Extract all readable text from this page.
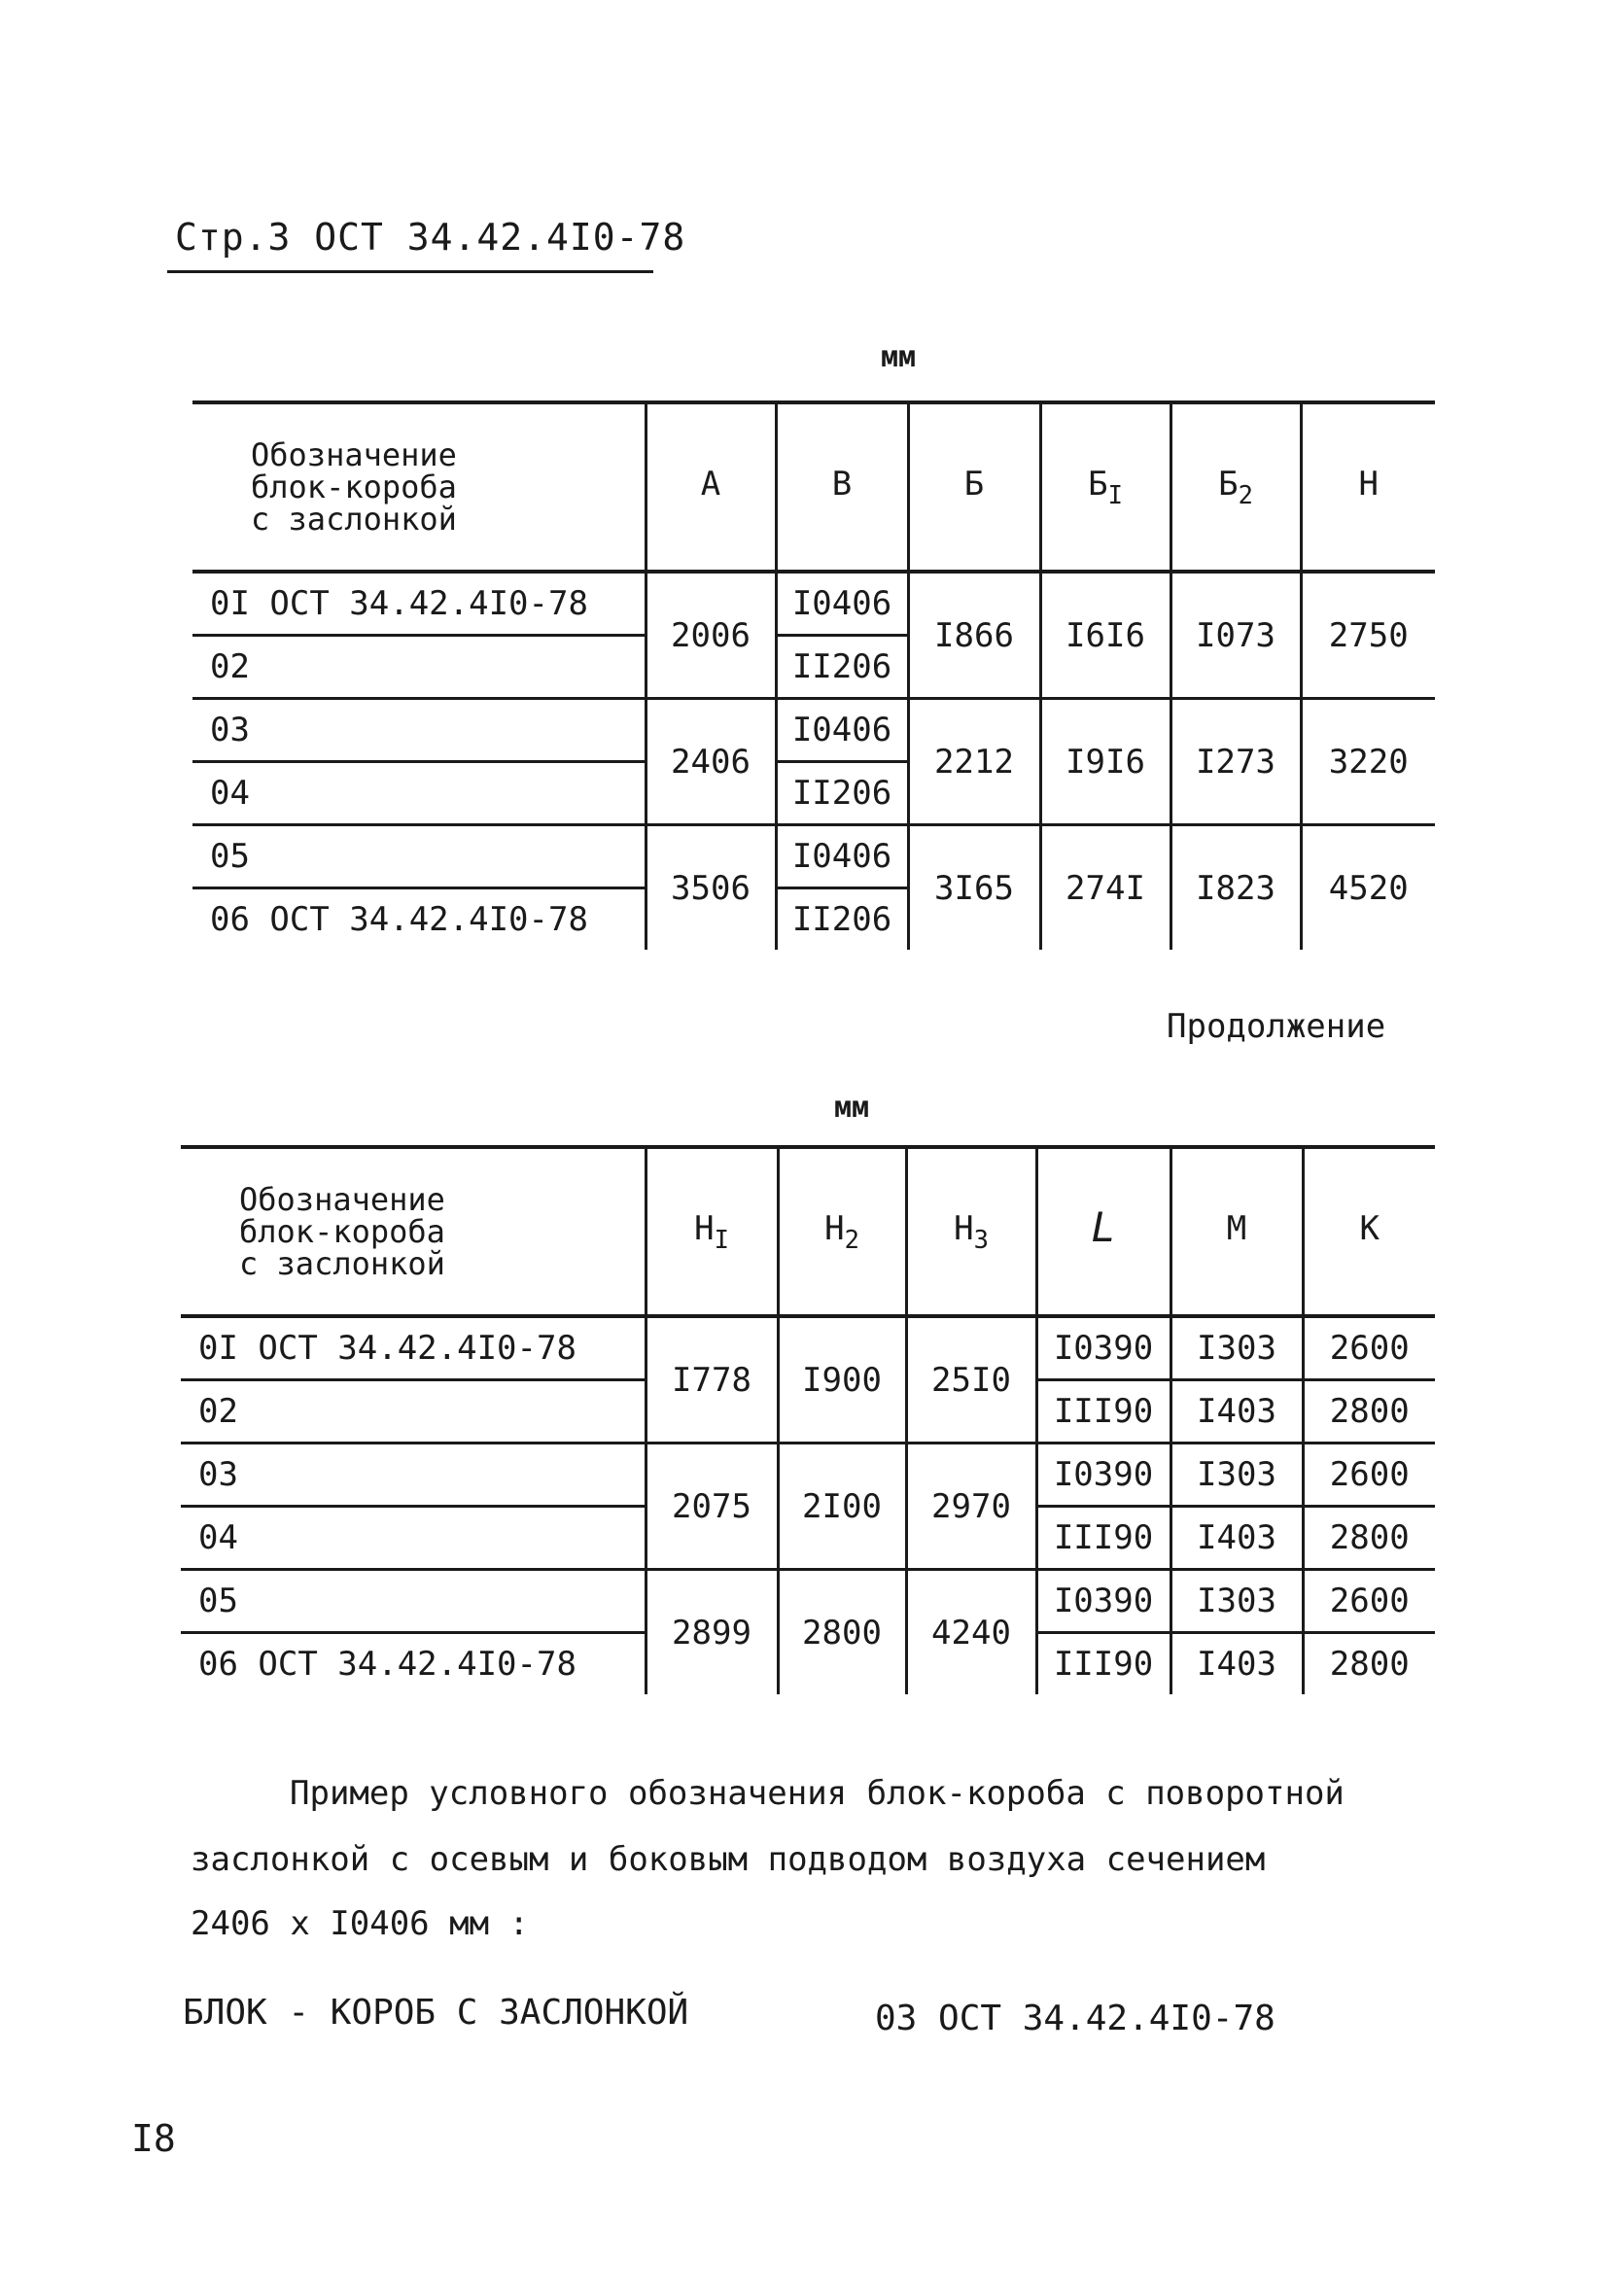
Стр.3 ОСТ 34.42.4I0-78
мм
Обозначение
блок-короба
с заслонкой	А	В	Б	$Б_I$	$Б_2$	Н
0I ОСТ 34.42.4I0-78	2006	I0406	I866	I6I6	I073	2750
02		II206				
03	2406	I0406	2212	I9I6	I273	3220
04		II206				
05	3506	I0406	3I65	274I	I823	4520
06 ОСТ 34.42.4I0-78		II206				
Продолжение
мм
Обозначение
блок-короба
с заслонкой	$Н_I$	$Н_2$	$Н_3$	L	М	К
0I ОСТ 34.42.4I0-78	I778	I900	25I0	I0390	I303	2600
02				III90	I403	2800
03	2075	2I00	2970	I0390	I303	2600
04				III90	I403	2800
05	2899	2800	4240	I0390	I303	2600
06 ОСТ 34.42.4I0-78				III90	I403	2800
Пример условного обозначения блок-короба с поворотной
заслонкой с осевым и боковым подводом воздуха сечением
2406 х I0406 мм :
БЛОК - КОРОБ С ЗАСЛОНКОЙ	03 ОСТ 34.42.4I0-78
I8
